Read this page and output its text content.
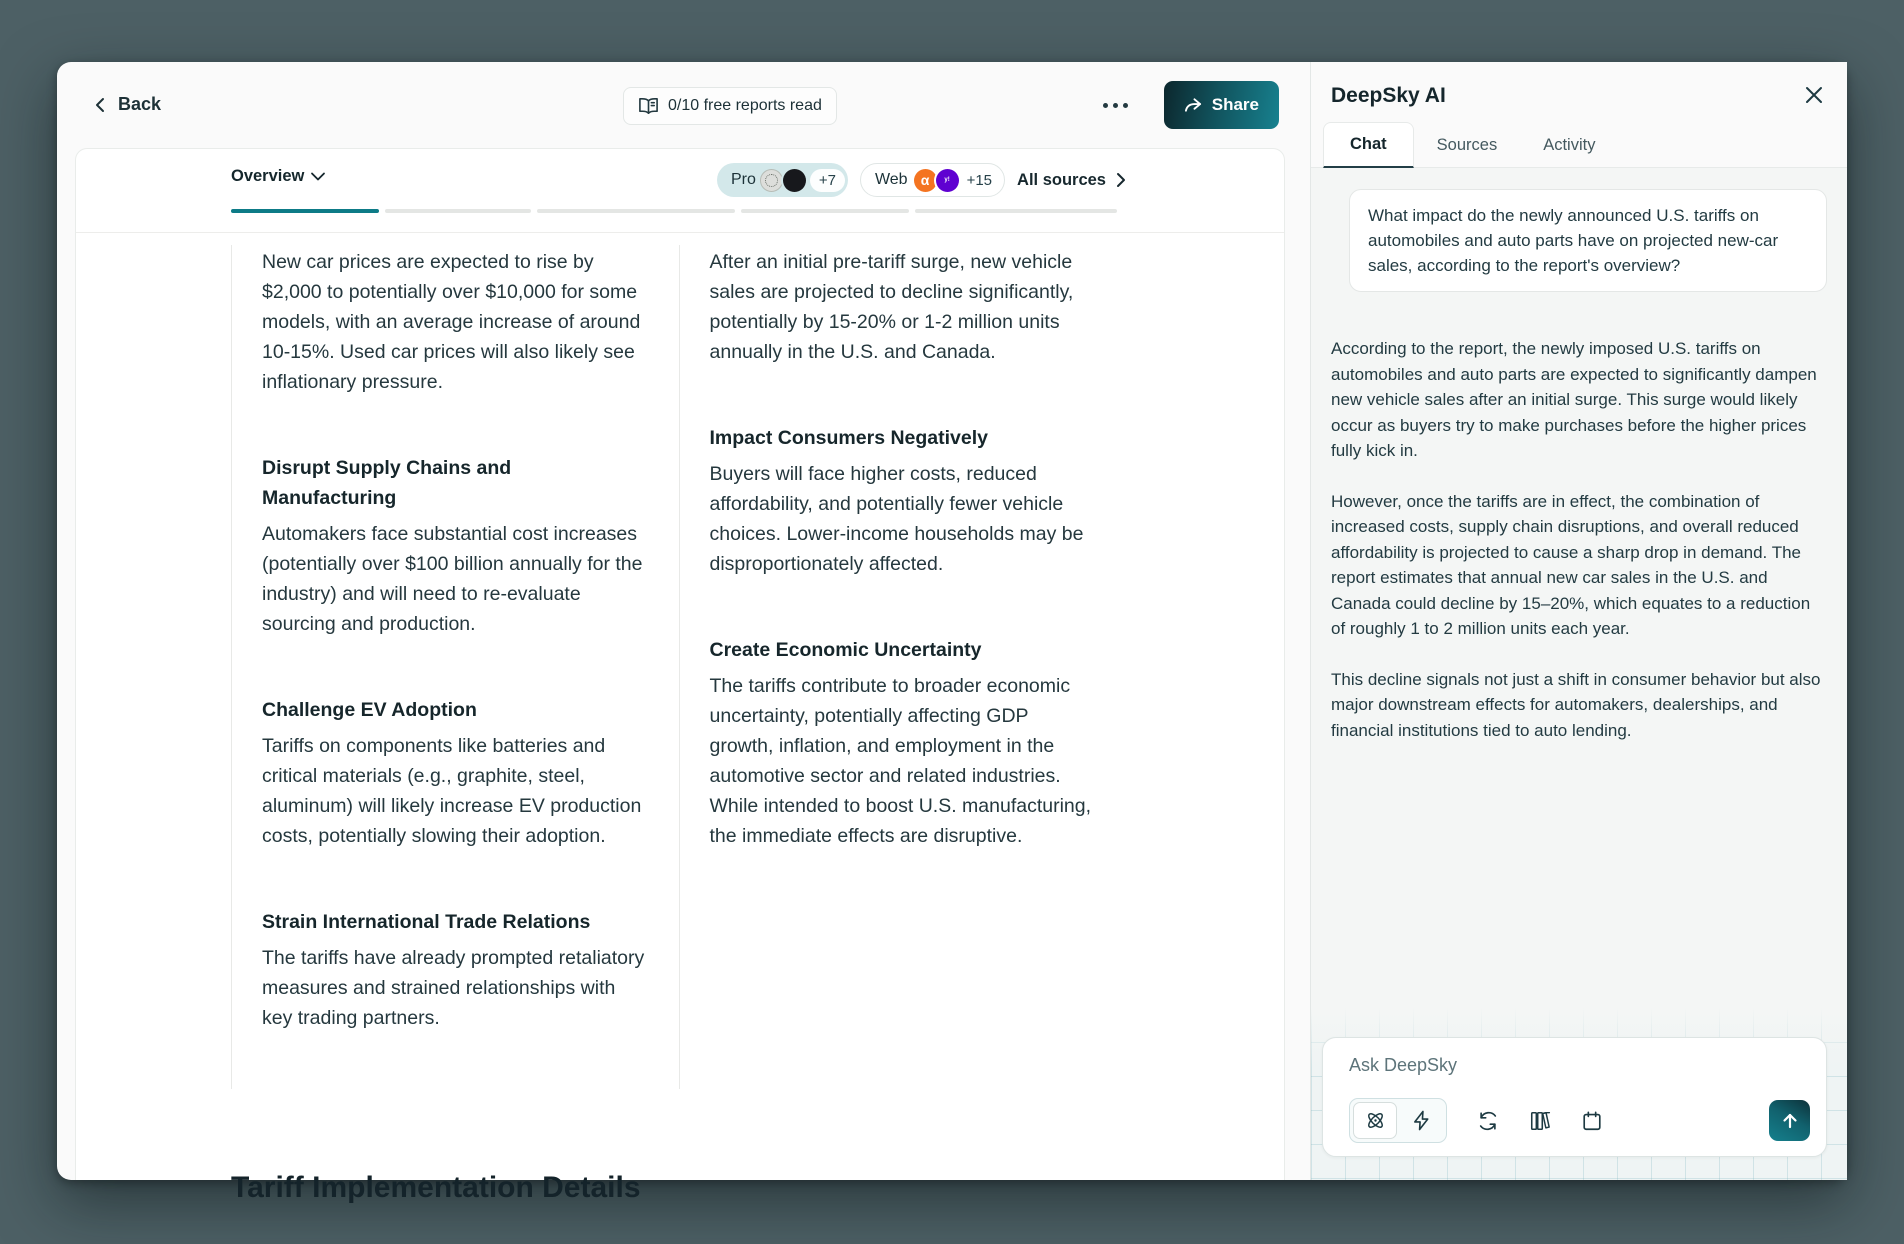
Back	0/10 free reports read	Share
Overview	Pro	+7	Web α	y!	+15 All sources

New car prices are expected to rise by $2,000 to potentially over $10,000 for some models, with an average increase of around 10-15%. Used car prices will also likely see inflationary pressure.

Disrupt Supply Chains and Manufacturing

Automakers face substantial cost increases (potentially over $100 billion annually for the industry) and will need to re-evaluate sourcing and production.

Challenge EV Adoption

Tariffs on components like batteries and critical materials (e.g., graphite, steel, aluminum) will likely increase EV production costs, potentially slowing their adoption.

Strain International Trade Relations

The tariffs have already prompted retaliatory measures and strained relationships with key trading partners.

After an initial pre-tariff surge, new vehicle sales are projected to decline significantly, potentially by 15-20% or 1-2 million units annually in the U.S. and Canada.

Impact Consumers Negatively

Buyers will face higher costs, reduced affordability, and potentially fewer vehicle choices. Lower-income households may be disproportionately affected.

Create Economic Uncertainty

The tariffs contribute to broader economic uncertainty, potentially affecting GDP growth, inflation, and employment in the automotive sector and related industries. While intended to boost U.S. manufacturing, the immediate effects are disruptive.

Tariff Implementation Details
DeepSky AI
Chat	Sources	Activity
What impact do the newly announced U.S. tariffs on automobiles and auto parts have on projected new-car sales, according to the report's overview?

According to the report, the newly imposed U.S. tariffs on automobiles and auto parts are expected to significantly dampen new vehicle sales after an initial surge. This surge would likely occur as buyers try to make purchases before the higher prices fully kick in.

However, once the tariffs are in effect, the combination of increased costs, supply chain disruptions, and overall reduced affordability is projected to cause a sharp drop in demand. The report estimates that annual new car sales in the U.S. and Canada could decline by 15–20%, which equates to a reduction of roughly 1 to 2 million units each year.

This decline signals not just a shift in consumer behavior but also major downstream effects for automakers, dealerships, and financial institutions tied to auto lending.

Ask DeepSky
